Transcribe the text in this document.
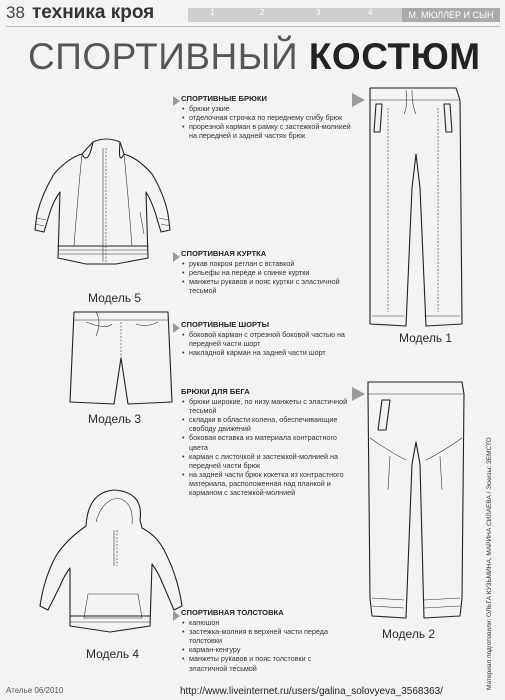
38 техника кроя	1	2	3	4	М. МЮЛЛЕР И СЫН
СПОРТИВНЫЙ КОСТЮМ
СПОРТИВНЫЕ БРЮКИ
• брюки узкие
• отделочная строчка по переднему сгибу брюк
• прорезной карман в рамку с застежкой-молнией на передней и задней частях брюк
СПОРТИВНАЯ КУРТКА
• рукав покроя реглан с вставкой
• рельефы на переде и спинке куртки
• манжеты рукавов и пояс куртки с эластичной тесьмой
СПОРТИВНЫЕ ШОРТЫ
• боковой карман с отрезной боковой частью на передней части шорт
• накладной карман на задней части шорт
БРЮКИ ДЛЯ БЕГА
• брюки широкие, по низу манжеты с эластичной тесьмой
• складки в области колена, обеспечивающие свободу движений
• боковая вставка из материала контрастного цвета
• карман с листочкой и застежкой-молнией на передней части брюк
• на задней части брюк кокетка из контрастного материала, расположенная над планкой и карманом с застежкой-молнией
СПОРТИВНАЯ ТОЛСТОВКА
• капюшон
• застежка-молния в верхней части переда толстовки
• карман-кенгуру
• манжеты рукавов и пояс толстовки с эластичной тесьмой
Модель 5
Модель 3
Модель 4
Модель 1
Модель 2	Материал подготовили: ОЛЬГА КУЗЬМИНА, МАРИНА СИЛАЕВА / Эскизы: ЗЕМСТО
Ателье 06/2010	http://www.liveinternet.ru/users/galina_solovyeva_3568363/
